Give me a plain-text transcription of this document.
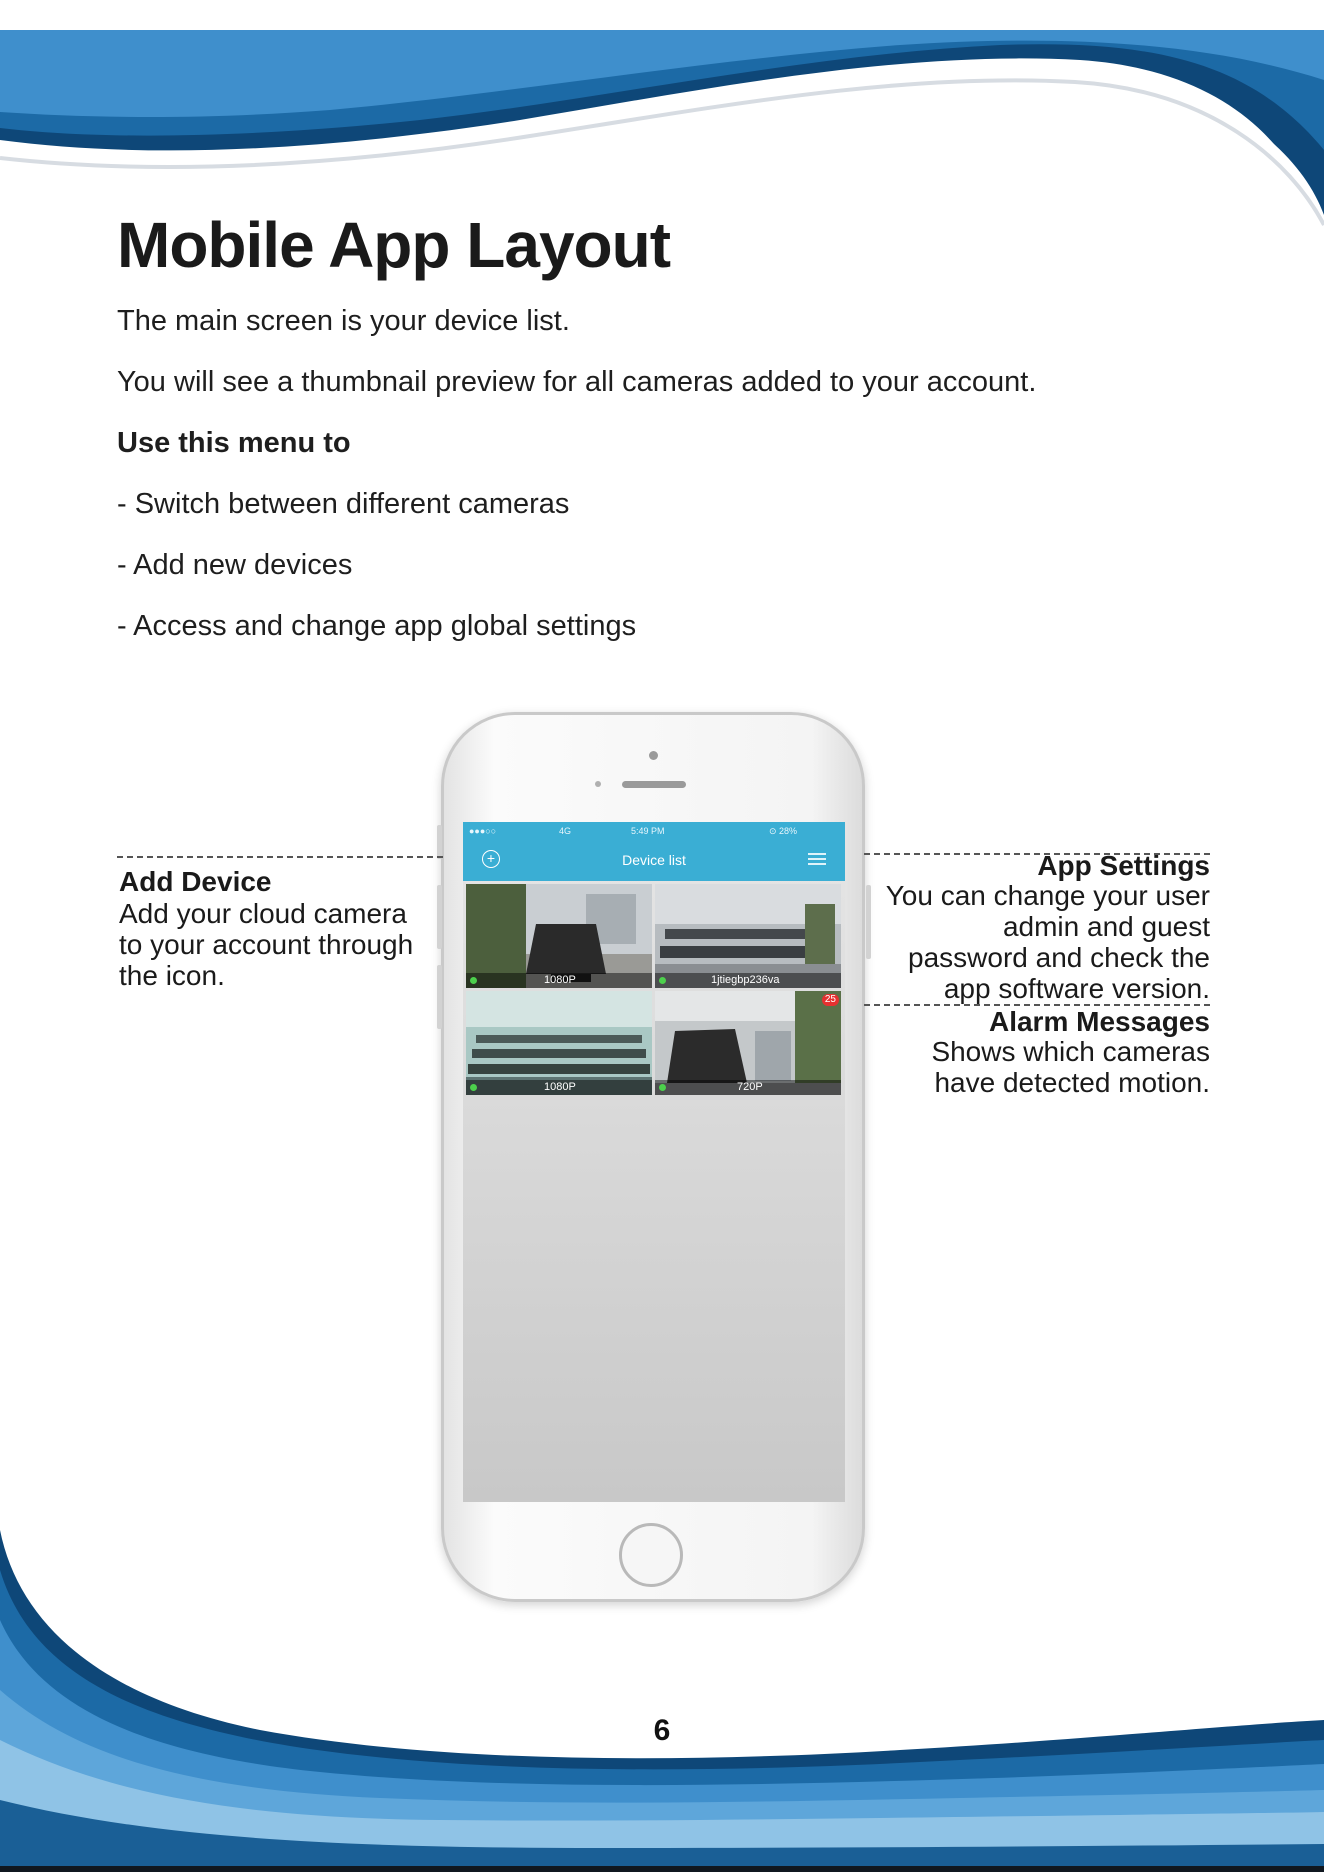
Mobile App Layout
The main screen is your device list.
You will see a thumbnail preview for all cameras added to your account.
Use this menu to
- Switch between different cameras
- Add new devices
- Access and change app global settings
●●●○○	4G	5:49 PM	⊙ 28%
+	Device list
1080P	1jtiegbp236va
1080P	720P
25
Add Device
Add your cloud camera
to your account through
the icon.
App Settings
You can change your user
admin and guest
password and check the
app software version.
Alarm Messages
Shows which cameras
have detected motion.
6
